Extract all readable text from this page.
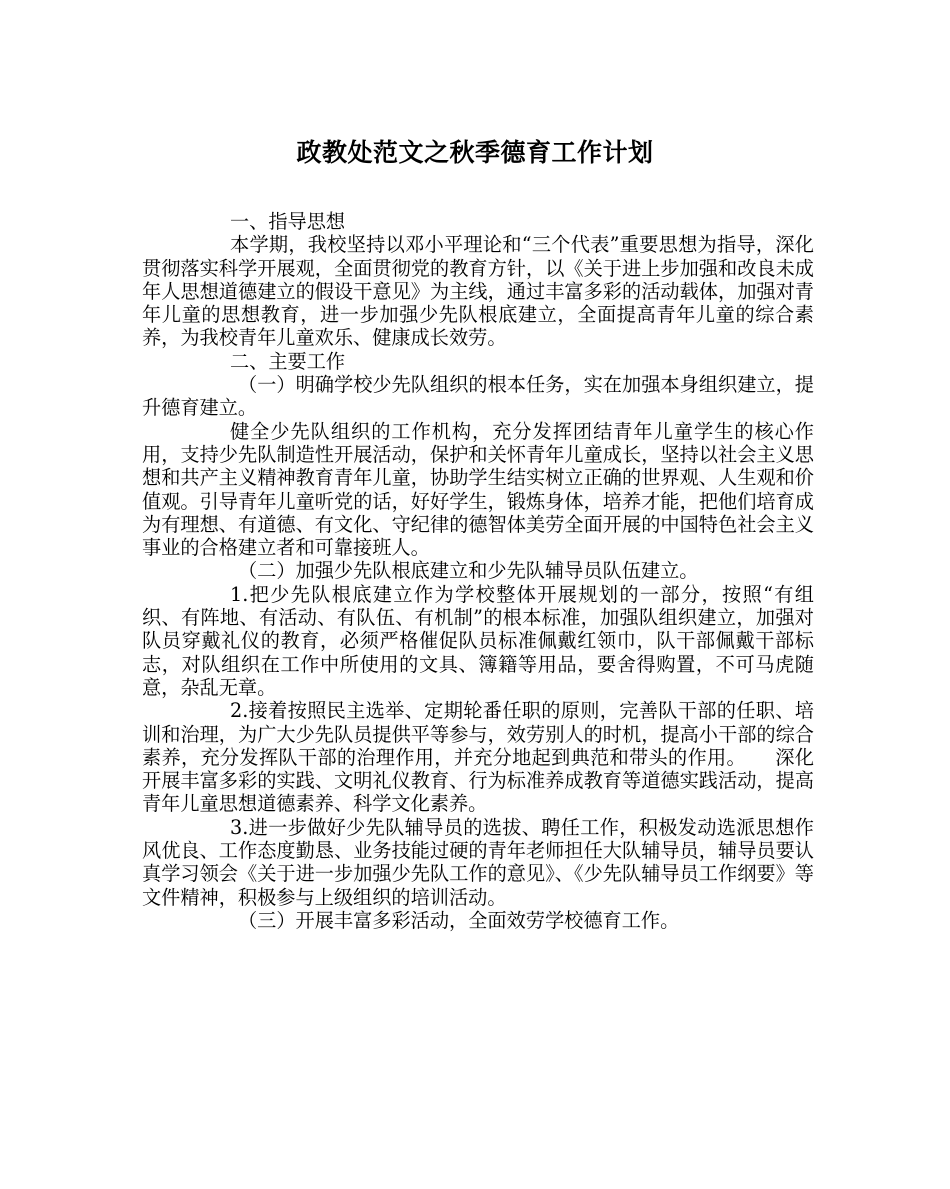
政教处范文之秋季德育工作计划

一、指导思想

本学期，我校坚持以邓小平理论和“三个代表”重要思想为指导，深化贯彻落实科学开展观，全面贯彻党的教育方针，以《关于进上步加强和改良未成年人思想道德建立的假设干意见》为主线，通过丰富多彩的活动载体，加强对青年儿童的思想教育，进一步加强少先队根底建立，全面提高青年儿童的综合素养，为我校青年儿童欢乐、健康成长效劳。

二、主要工作

（一）明确学校少先队组织的根本任务，实在加强本身组织建立，提升德育建立。

健全少先队组织的工作机构，充分发挥团结青年儿童学生的核心作用，支持少先队制造性开展活动，保护和关怀青年儿童成长，坚持以社会主义思想和共产主义精神教育青年儿童，协助学生结实树立正确的世界观、人生观和价值观。引导青年儿童听党的话，好好学生，锻炼身体，培养才能，把他们培育成为有理想、有道德、有文化、守纪律的德智体美劳全面开展的中国特色社会主义事业的合格建立者和可靠接班人。

（二）加强少先队根底建立和少先队辅导员队伍建立。

1.把少先队根底建立作为学校整体开展规划的一部分，按照“有组织、有阵地、有活动、有队伍、有机制”的根本标准，加强队组织建立，加强对队员穿戴礼仪的教育，必须严格催促队员标准佩戴红领巾，队干部佩戴干部标志，对队组织在工作中所使用的文具、簿籍等用品，要舍得购置，不可马虎随意，杂乱无章。

2.接着按照民主选举、定期轮番任职的原则，完善队干部的任职、培训和治理，为广大少先队员提供平等参与，效劳别人的时机，提高小干部的综合素养，充分发挥队干部的治理作用，并充分地起到典范和带头的作用。　　深化开展丰富多彩的实践、文明礼仪教育、行为标准养成教育等道德实践活动，提高青年儿童思想道德素养、科学文化素养。

3.进一步做好少先队辅导员的选拔、聘任工作，积极发动选派思想作风优良、工作态度勤恳、业务技能过硬的青年老师担任大队辅导员，辅导员要认真学习领会《关于进一步加强少先队工作的意见》、《少先队辅导员工作纲要》等文件精神，积极参与上级组织的培训活动。

（三）开展丰富多彩活动，全面效劳学校德育工作。
